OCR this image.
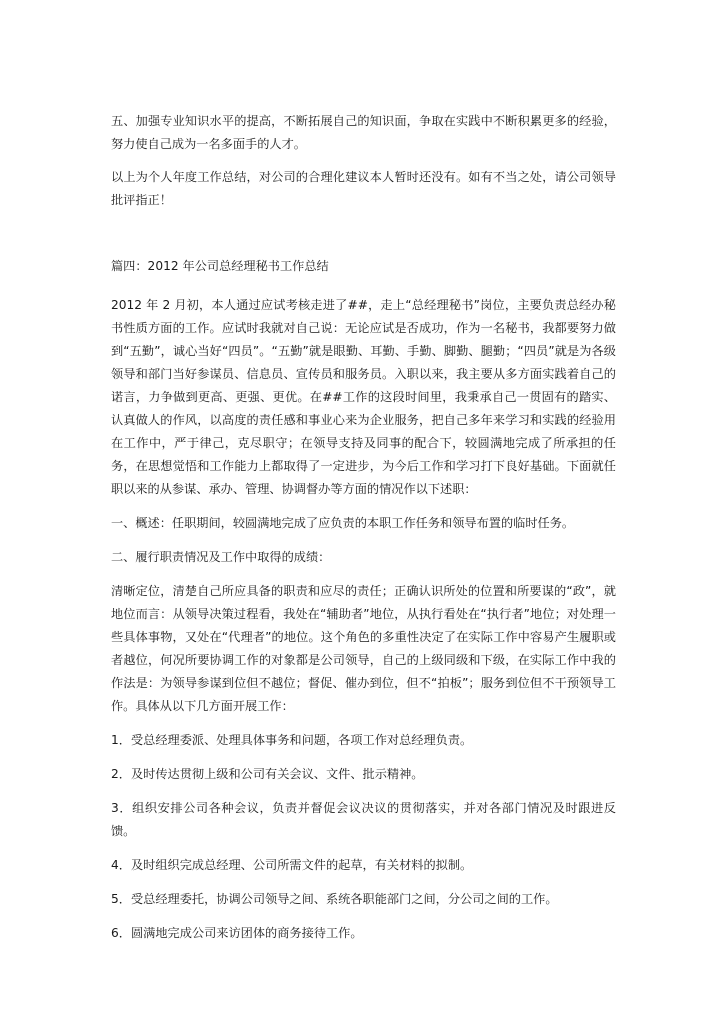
五、加强专业知识水平的提高，不断拓展自己的知识面，争取在实践中不断积累更多的经验，努力使自己成为一名多面手的人才。

以上为个人年度工作总结，对公司的合理化建议本人暂时还没有。如有不当之处，请公司领导批评指正！

篇四：2012 年公司总经理秘书工作总结

2012 年 2 月初，本人通过应试考核走进了##，走上“总经理秘书”岗位，主要负责总经办秘书性质方面的工作。应试时我就对自己说：无论应试是否成功，作为一名秘书，我都要努力做到“五勤”，诚心当好“四员”。“五勤”就是眼勤、耳勤、手勤、脚勤、腿勤；“四员”就是为各级领导和部门当好参谋员、信息员、宣传员和服务员。入职以来，我主要从多方面实践着自己的诺言，力争做到更高、更强、更优。在##工作的这段时间里，我秉承自己一贯固有的踏实、认真做人的作风，以高度的责任感和事业心来为企业服务，把自己多年来学习和实践的经验用在工作中，严于律己，克尽职守；在领导支持及同事的配合下，较圆满地完成了所承担的任务，在思想觉悟和工作能力上都取得了一定进步，为今后工作和学习打下良好基础。下面就任职以来的从参谋、承办、管理、协调督办等方面的情况作以下述职：

一、概述：任职期间，较圆满地完成了应负责的本职工作任务和领导布置的临时任务。

二、履行职责情况及工作中取得的成绩：

清晰定位，清楚自己所应具备的职责和应尽的责任；正确认识所处的位置和所要谋的“政”，就地位而言：从领导决策过程看，我处在“辅助者”地位，从执行看处在“执行者”地位；对处理一些具体事物，又处在“代理者”的地位。这个角色的多重性决定了在实际工作中容易产生履职或者越位，何况所要协调工作的对象都是公司领导，自己的上级同级和下级，在实际工作中我的作法是：为领导参谋到位但不越位；督促、催办到位，但不“拍板”；服务到位但不干预领导工作。具体从以下几方面开展工作：

1．受总经理委派、处理具体事务和问题，各项工作对总经理负责。

2．及时传达贯彻上级和公司有关会议、文件、批示精神。

3．组织安排公司各种会议，负责并督促会议决议的贯彻落实，并对各部门情况及时跟进反馈。

4．及时组织完成总经理、公司所需文件的起草，有关材料的拟制。

5．受总经理委托，协调公司领导之间、系统各职能部门之间，分公司之间的工作。

6．圆满地完成公司来访团体的商务接待工作。
